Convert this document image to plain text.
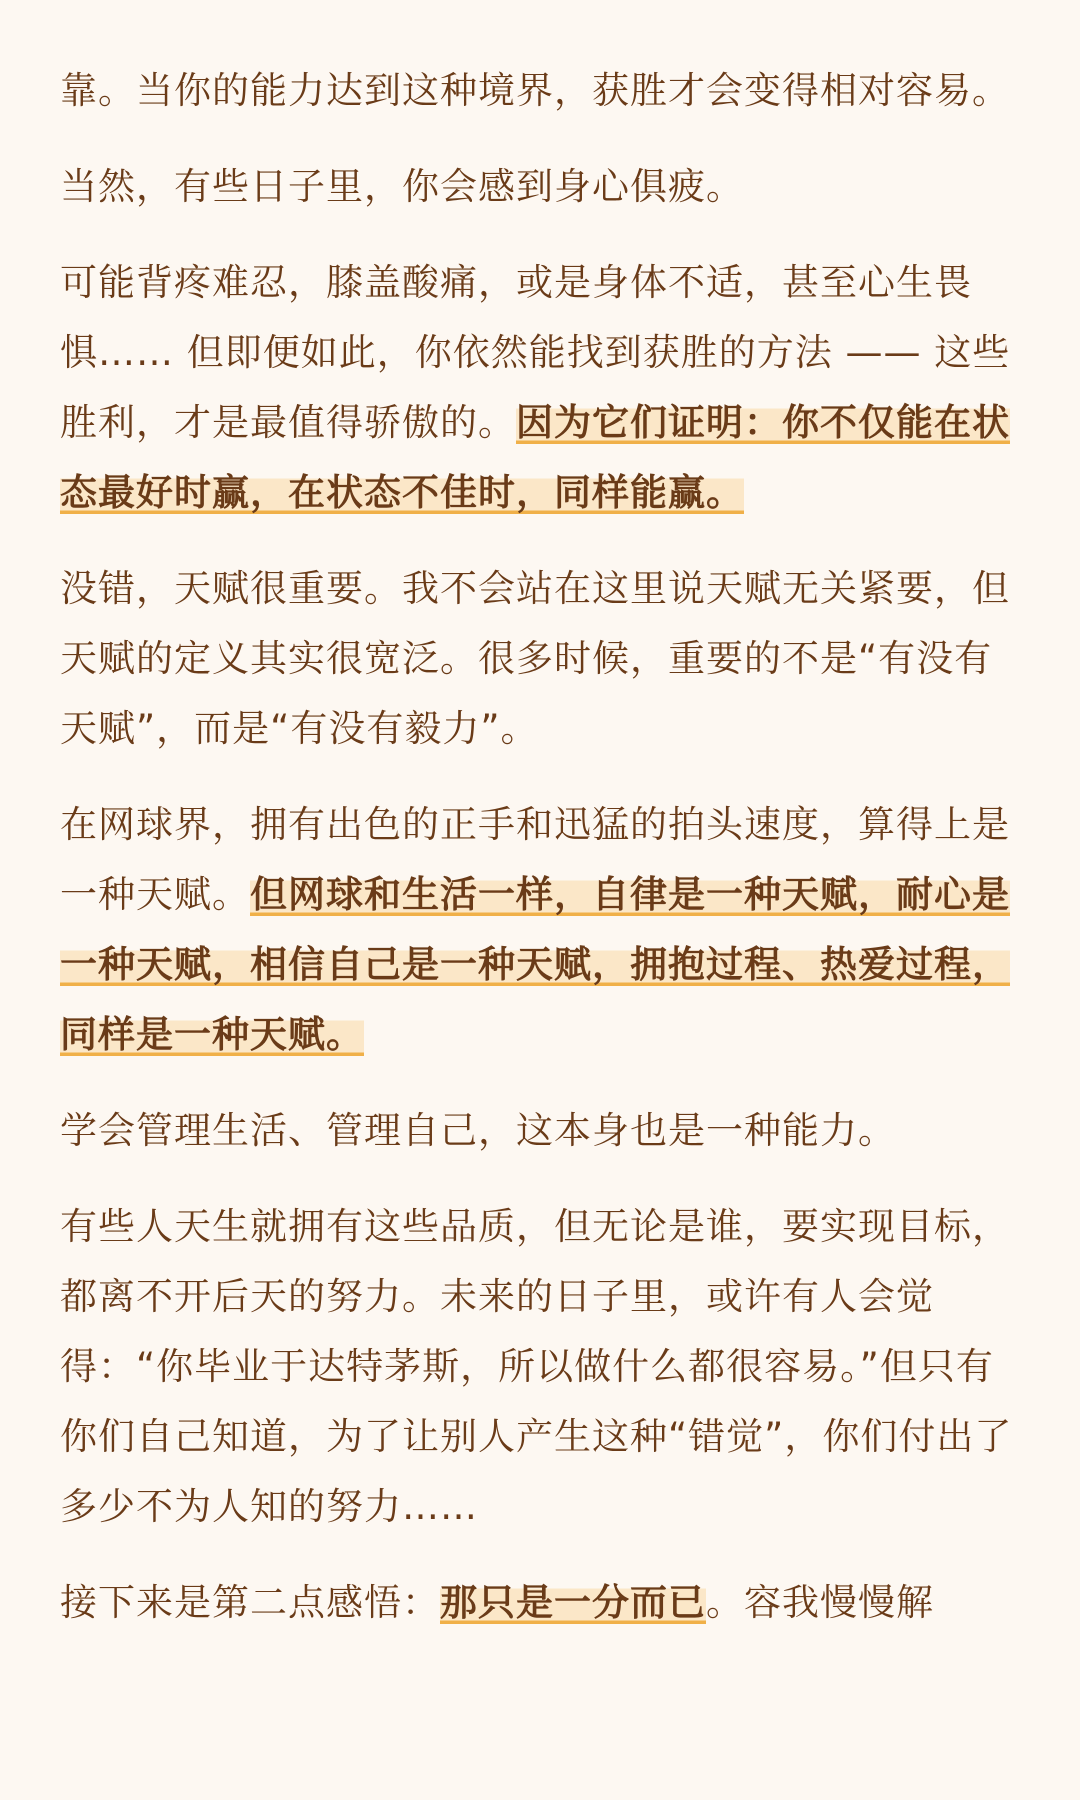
靠。当你的能力达到这种境界，获胜才会变得相对容易。

当然，有些日子里，你会感到身心俱疲。

可能背疼难忍，膝盖酸痛，或是身体不适，甚至心生畏惧…… 但即便如此，你依然能找到获胜的方法 —— 这些胜利，才是最值得骄傲的。因为它们证明：你不仅能在状态最好时赢，在状态不佳时，同样能赢。

没错，天赋很重要。我不会站在这里说天赋无关紧要，但天赋的定义其实很宽泛。很多时候，重要的不是“有没有天赋”，而是“有没有毅力”。

在网球界，拥有出色的正手和迅猛的拍头速度，算得上是一种天赋。但网球和生活一样，自律是一种天赋，耐心是一种天赋，相信自己是一种天赋，拥抱过程、热爱过程，同样是一种天赋。

学会管理生活、管理自己，这本身也是一种能力。

有些人天生就拥有这些品质，但无论是谁，要实现目标，都离不开后天的努力。未来的日子里，或许有人会觉得：“你毕业于达特茅斯，所以做什么都很容易。”但只有你们自己知道，为了让别人产生这种“错觉”，你们付出了多少不为人知的努力……

接下来是第二点感悟：那只是一分而已。容我慢慢解
